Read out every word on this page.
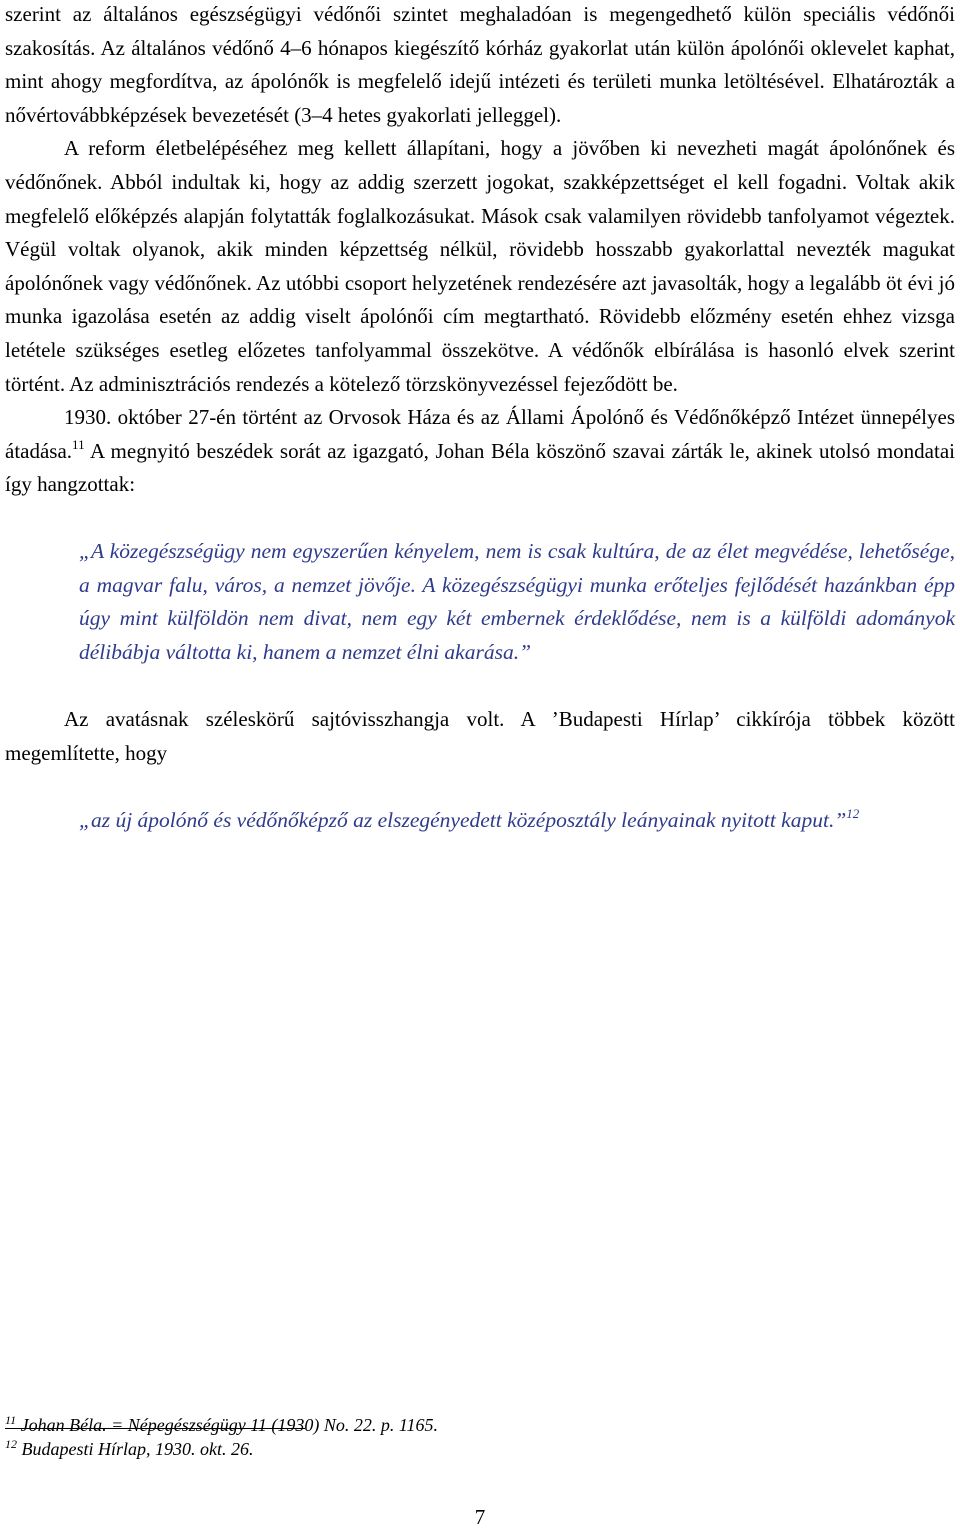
szerint az általános egészségügyi védőnői szintet meghaladóan is megengedhető külön speciális védőnői szakosítás. Az általános védőnő 4–6 hónapos kiegészítő kórház gyakorlat után külön ápolónői oklevelet kaphat, mint ahogy megfordítva, az ápolónők is megfelelő idejű intézeti és területi munka letöltésével. Elhatározták a nővértovábbképzések bevezetését (3–4 hetes gyakorlati jelleggel).

A reform életbelépéséhez meg kellett állapítani, hogy a jövőben ki nevezheti magát ápolónőnek és védőnőnek. Abból indultak ki, hogy az addig szerzett jogokat, szakképzettséget el kell fogadni. Voltak akik megfelelő előképzés alapján folytatták foglalkozásukat. Mások csak valamilyen rövidebb tanfolyamot végeztek. Végül voltak olyanok, akik minden képzettség nélkül, rövidebb hosszabb gyakorlattal nevezték magukat ápolónőnek vagy védőnőnek. Az utóbbi csoport helyzetének rendezésére azt javasolták, hogy a legalább öt évi jó munka igazolása esetén az addig viselt ápolónői cím megtartható. Rövidebb előzmény esetén ehhez vizsga letétele szükséges esetleg előzetes tanfolyammal összekötve. A védőnők elbírálása is hasonló elvek szerint történt. Az adminisztrációs rendezés a kötelező törzskönyvezéssel fejeződött be.

1930. október 27-én történt az Orvosok Háza és az Állami Ápolónő és Védőnőképző Intézet ünnepélyes átadása.$^{11}$ A megnyitó beszédek sorát az igazgató, Johan Béla köszönő szavai zárták le, akinek utolsó mondatai így hangzottak:

„A közegészségügy nem egyszerűen kényelem, nem is csak kultúra, de az élet megvédése, lehetősége, a magvar falu, város, a nemzet jövője. A közegészségügyi munka erőteljes fejlődését hazánkban épp úgy mint külföldön nem divat, nem egy két embernek érdeklődése, nem is a külföldi adományok délibábja váltotta ki, hanem a nemzet élni akarása.”

Az avatásnak széleskörű sajtóvisszhangja volt. A ’Budapesti Hírlap’ cikkírója többek között megemlítette, hogy

„az új ápolónő és védőnőképző az elszegényedett középosztály leányainak nyitott kaput.”$^{12}$

$^{11}$ Johan Béla. = Népegészségügy 11 (1930) No. 22. p. 1165.
$^{12}$ Budapesti Hírlap, 1930. okt. 26.
7
